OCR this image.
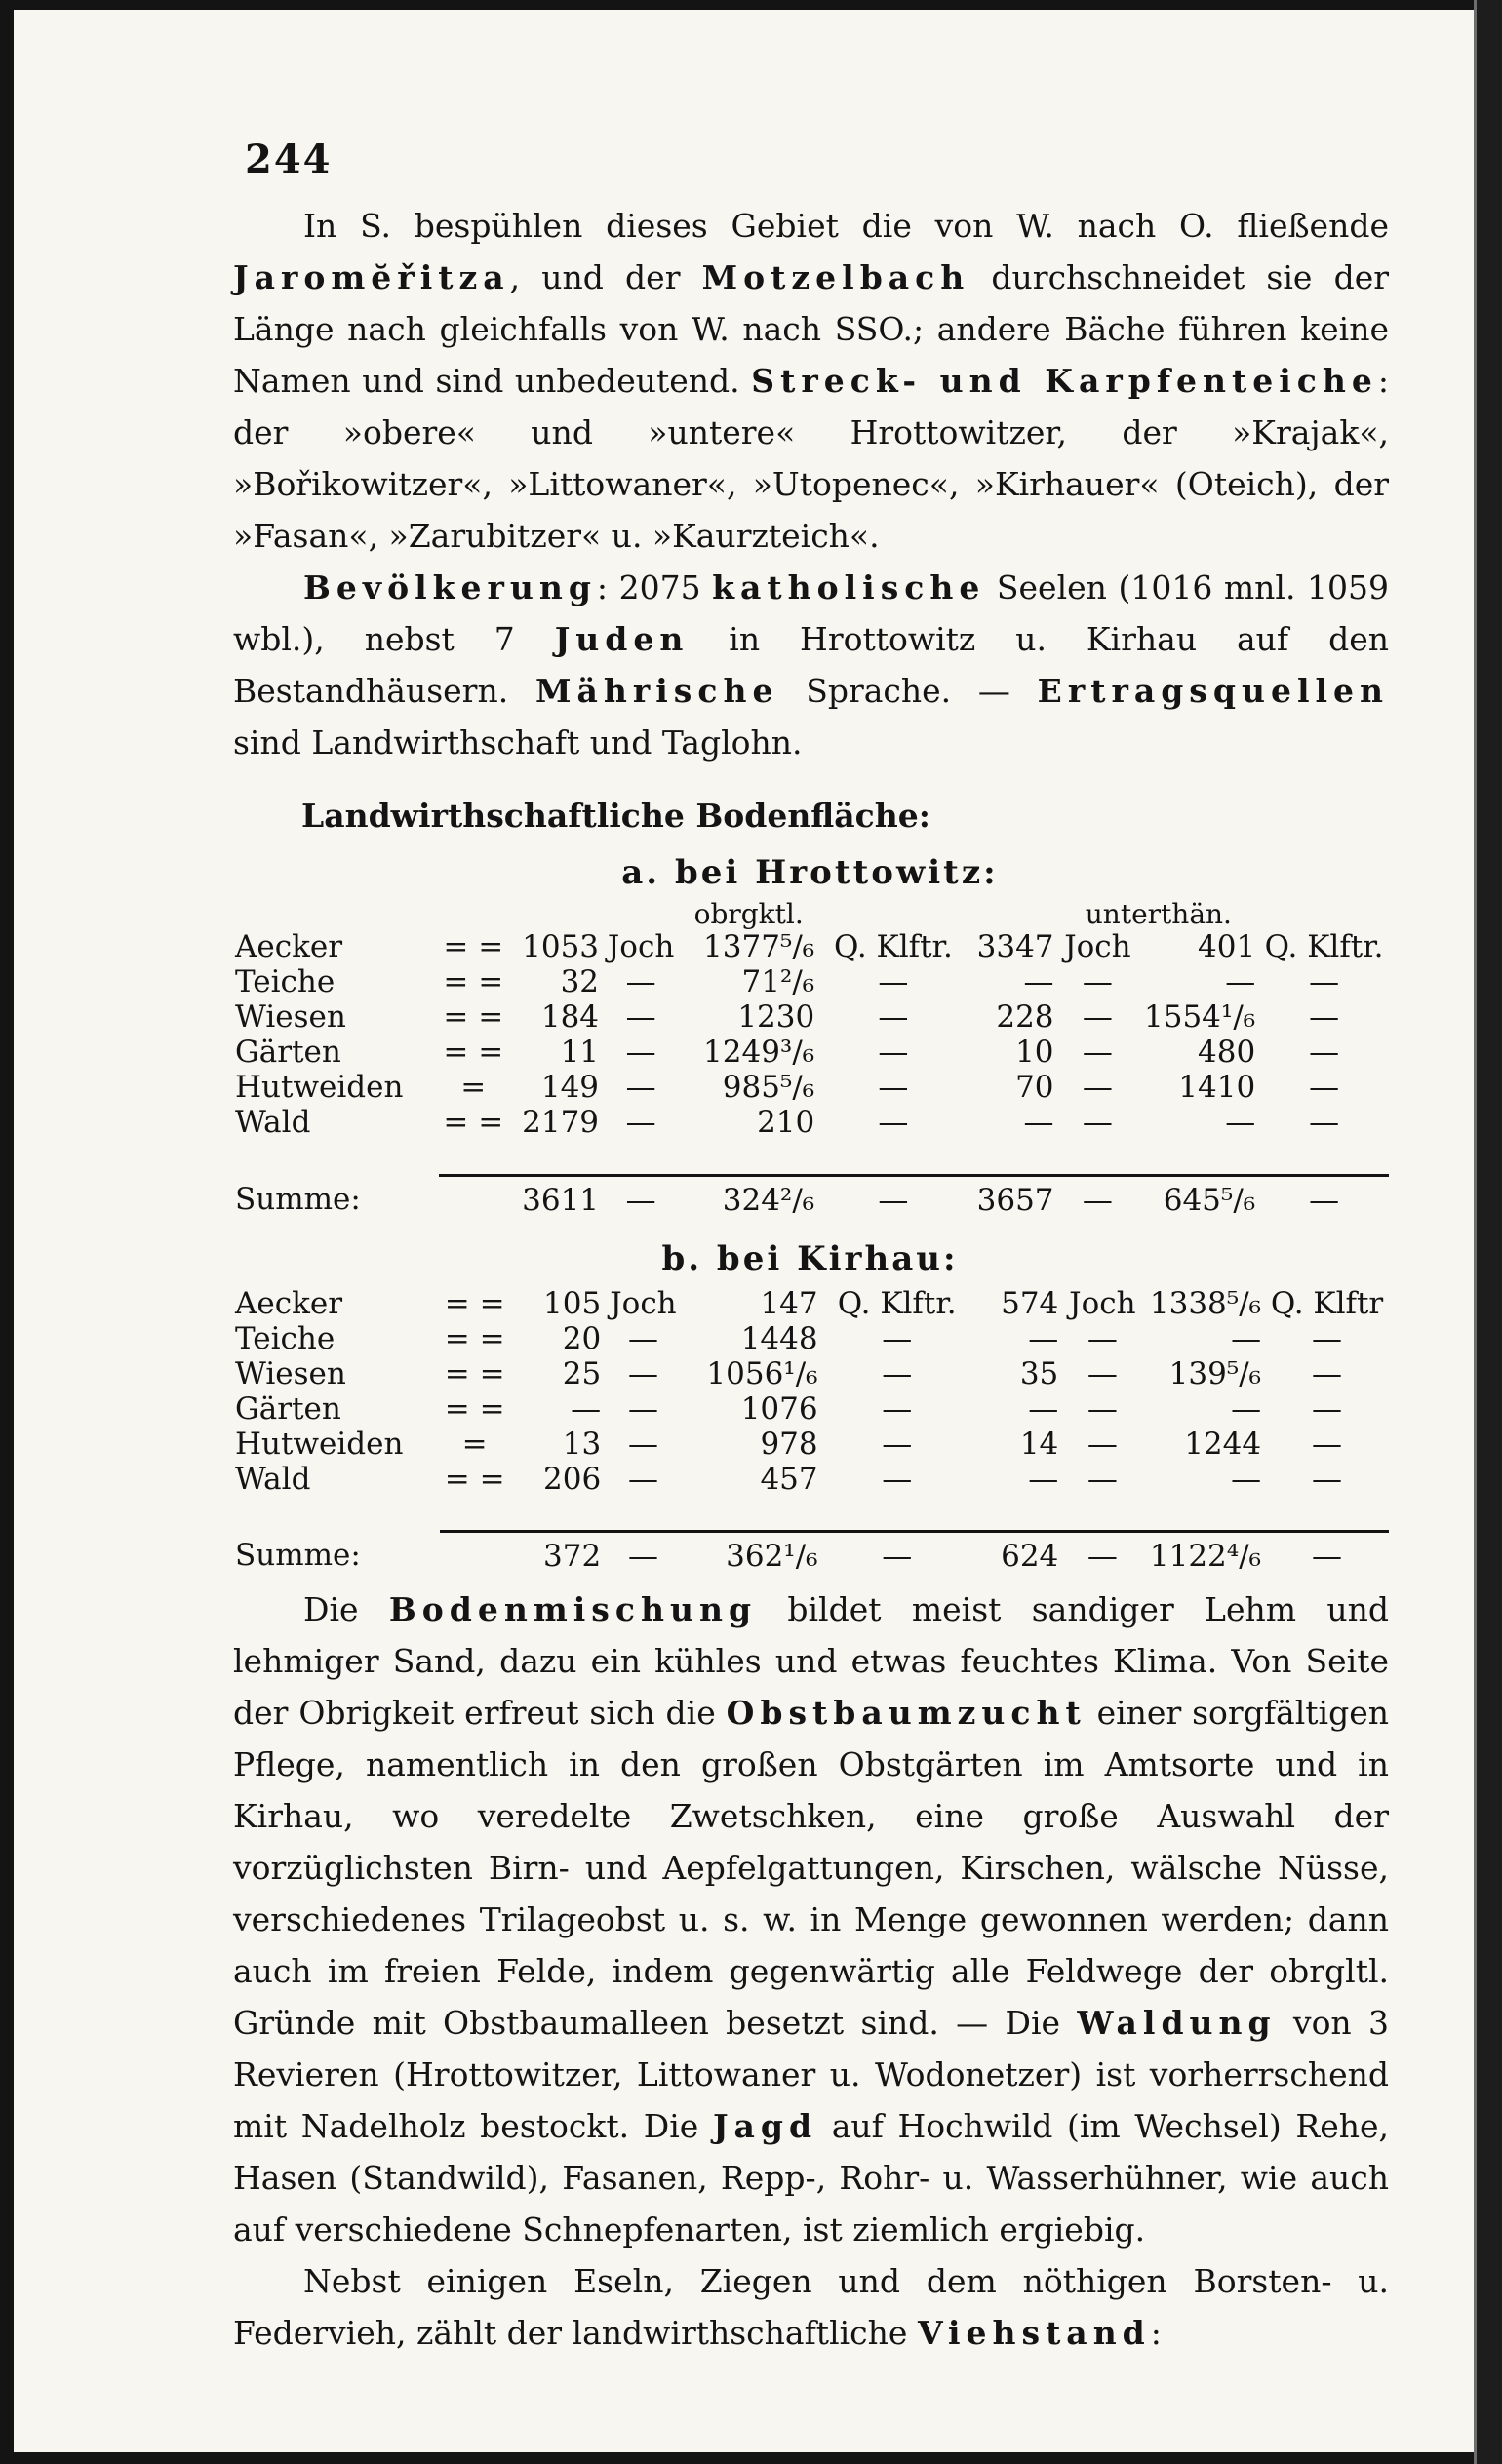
244

In S. bespühlen dieses Gebiet die von W. nach O. fließende Jaromĕřitza, und der Motzelbach durchschneidet sie der Länge nach gleichfalls von W. nach SSO.; andere Bäche führen keine Namen und sind unbedeutend. Streck- und Karpfenteiche: der »obere« und »untere« Hrottowitzer, der »Krajak«, »Bořikowitzer«, »Littowaner«, »Utopenec«, »Kirhauer« (Oteich), der »Fasan«, »Zarubitzer« u. »Kaurzteich«.

Bevölkerung: 2075 katholische Seelen (1016 mnl. 1059 wbl.), nebst 7 Juden in Hrottowitz u. Kirhau auf den Bestandhäusern. Mährische Sprache. — Ertragsquellen sind Landwirthschaft und Taglohn.

Landwirthschaftliche Bodenfläche:
a. bei Hrottowitz:
				obrgktl.			unterthän.		
Aecker	= =	1053	Joch	1377⁵/₆	Q. Klftr.	3347	Joch	401	Q. Klftr.
Teiche	= =	32	—	71²/₆	—	—	—	—	—
Wiesen	= =	184	—	1230	—	228	—	1554¹/₆	—
Gärten	= =	11	—	1249³/₆	—	10	—	480	—
Hutweiden	=	149	—	985⁵/₆	—	70	—	1410	—
Wald	= =	2179	—	210	—	—	—	—	—

Summe:		3611	—	324²/₆	—	3657	—	645⁵/₆	—
b. bei Kirhau:
Aecker	= =	105	Joch	147	Q. Klftr.	574	Joch	1338⁵/₆	Q. Klftr
Teiche	= =	20	—	1448	—	—	—	—	—
Wiesen	= =	25	—	1056¹/₆	—	35	—	139⁵/₆	—
Gärten	= =	—	—	1076	—	—	—	—	—
Hutweiden	=	13	—	978	—	14	—	1244	—
Wald	= =	206	—	457	—	—	—	—	—

Summe:		372	—	362¹/₆	—	624	—	1122⁴/₆	—

Die Bodenmischung bildet meist sandiger Lehm und lehmiger Sand, dazu ein kühles und etwas feuchtes Klima. Von Seite der Obrigkeit erfreut sich die Obstbaumzucht einer sorgfältigen Pflege, namentlich in den großen Obstgärten im Amtsorte und in Kirhau, wo veredelte Zwetschken, eine große Auswahl der vorzüglichsten Birn- und Aepfelgattungen, Kirschen, wälsche Nüsse, verschiedenes Trilageobst u. s. w. in Menge gewonnen werden; dann auch im freien Felde, indem gegenwärtig alle Feldwege der obrgltl. Gründe mit Obstbaumalleen besetzt sind. — Die Waldung von 3 Revieren (Hrottowitzer, Littowaner u. Wodonetzer) ist vorherrschend mit Nadelholz bestockt. Die Jagd auf Hochwild (im Wechsel) Rehe, Hasen (Standwild), Fasanen, Repp-, Rohr- u. Wasserhühner, wie auch auf verschiedene Schnepfenarten, ist ziemlich ergiebig.

Nebst einigen Eseln, Ziegen und dem nöthigen Borsten- u. Federvieh, zählt der landwirthschaftliche Viehstand:
